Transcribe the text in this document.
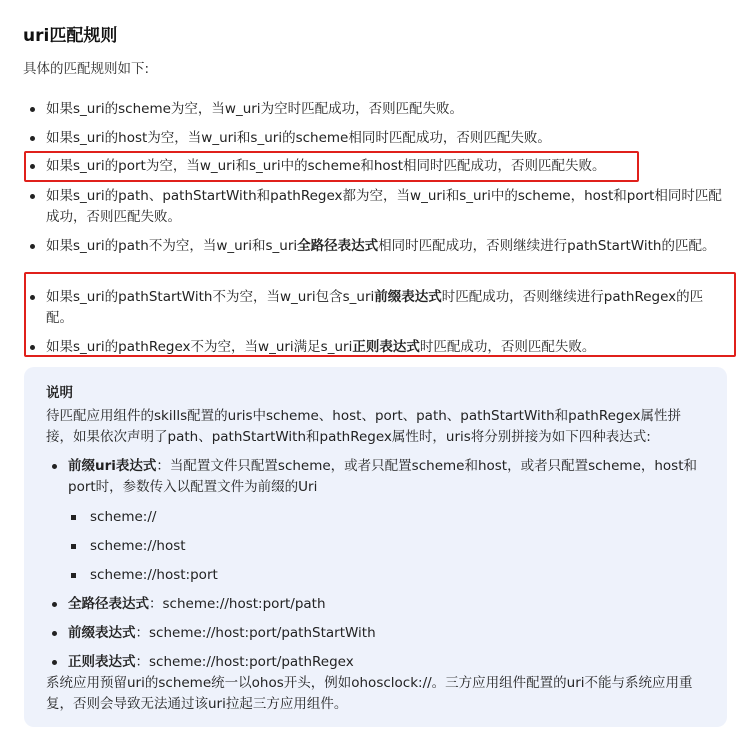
uri匹配规则

具体的匹配规则如下:

如果s_uri的scheme为空，当w_uri为空时匹配成功，否则匹配失败。
如果s_uri的host为空，当w_uri和s_uri的scheme相同时匹配成功，否则匹配失败。
如果s_uri的port为空，当w_uri和s_uri中的scheme和host相同时匹配成功，否则匹配失败。
如果s_uri的path、pathStartWith和pathRegex都为空，当w_uri和s_uri中的scheme，host和port相同时匹配成功，否则匹配失败。
如果s_uri的path不为空，当w_uri和s_uri全路径表达式相同时匹配成功，否则继续进行pathStartWith的匹配。
如果s_uri的pathStartWith不为空，当w_uri包含s_uri前缀表达式时匹配成功，否则继续进行pathRegex的匹配。
如果s_uri的pathRegex不为空，当w_uri满足s_uri正则表达式时匹配成功，否则匹配失败。

说明

待匹配应用组件的skills配置的uris中scheme、host、port、path、pathStartWith和pathRegex属性拼接，如果依次声明了path、pathStartWith和pathRegex属性时，uris将分别拼接为如下四种表达式:

前缀uri表达式：当配置文件只配置scheme，或者只配置scheme和host，或者只配置scheme，host和port时，参数传入以配置文件为前缀的Uri
scheme://
scheme://host
scheme://host:port
全路径表达式：scheme://host:port/path
前缀表达式：scheme://host:port/pathStartWith
正则表达式：scheme://host:port/pathRegex

系统应用预留uri的scheme统一以ohos开头，例如ohosclock://。三方应用组件配置的uri不能与系统应用重复，否则会导致无法通过该uri拉起三方应用组件。
